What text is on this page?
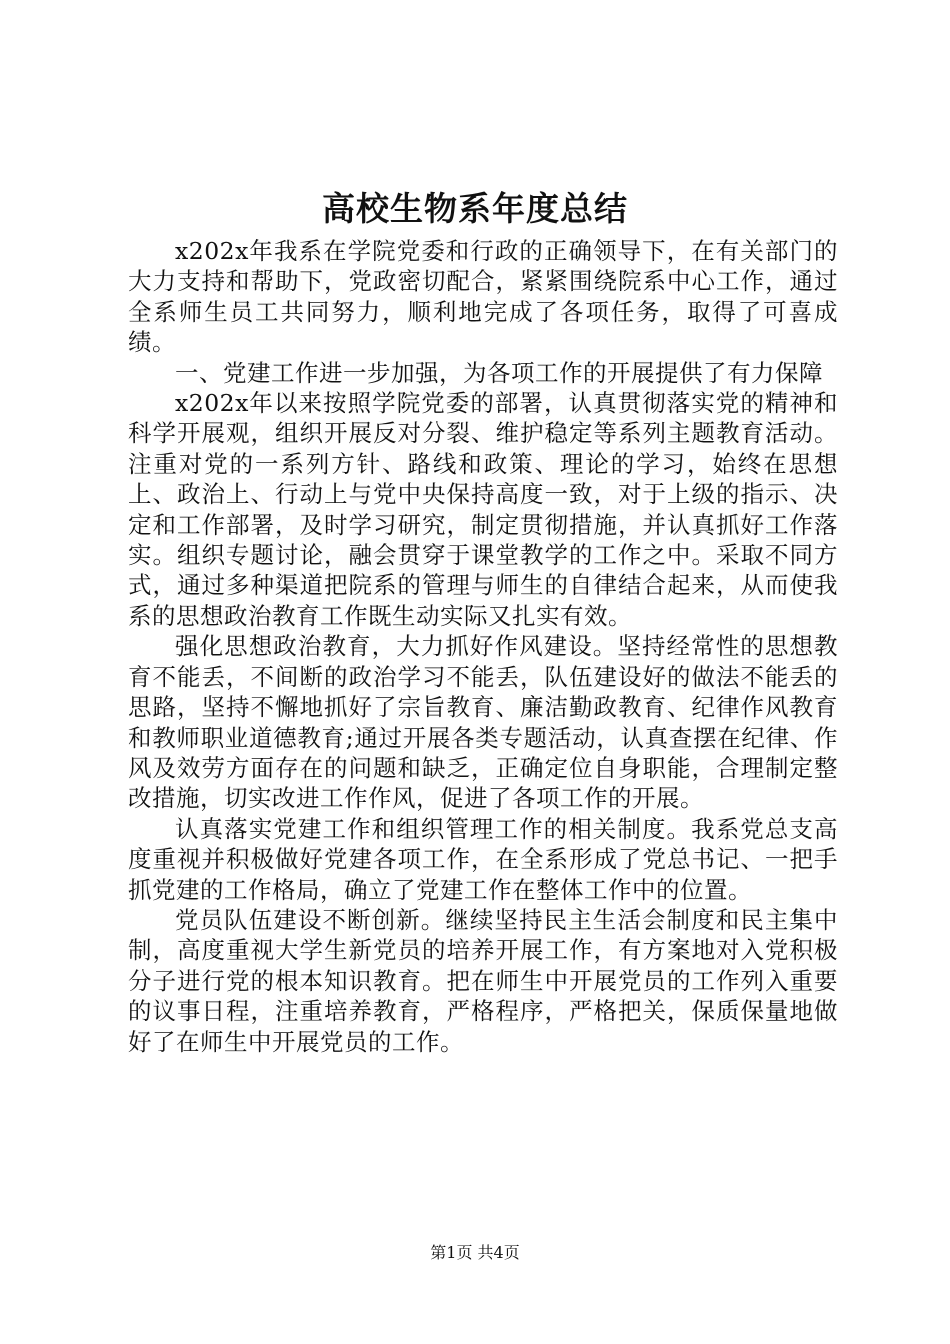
高校生物系年度总结

x202x年我系在学院党委和行政的正确领导下，在有关部门的大力支持和帮助下，党政密切配合，紧紧围绕院系中心工作，通过全系师生员工共同努力，顺利地完成了各项任务，取得了可喜成绩。

一、党建工作进一步加强，为各项工作的开展提供了有力保障

x202x年以来按照学院党委的部署，认真贯彻落实党的精神和科学开展观，组织开展反对分裂、维护稳定等系列主题教育活动。注重对党的一系列方针、路线和政策、理论的学习，始终在思想上、政治上、行动上与党中央保持高度一致，对于上级的指示、决定和工作部署，及时学习研究，制定贯彻措施，并认真抓好工作落实。组织专题讨论，融会贯穿于课堂教学的工作之中。采取不同方式，通过多种渠道把院系的管理与师生的自律结合起来，从而使我系的思想政治教育工作既生动实际又扎实有效。

强化思想政治教育，大力抓好作风建设。坚持经常性的思想教育不能丢，不间断的政治学习不能丢，队伍建设好的做法不能丢的思路，坚持不懈地抓好了宗旨教育、廉洁勤政教育、纪律作风教育和教师职业道德教育;通过开展各类专题活动，认真查摆在纪律、作风及效劳方面存在的问题和缺乏，正确定位自身职能，合理制定整改措施，切实改进工作作风，促进了各项工作的开展。

认真落实党建工作和组织管理工作的相关制度。我系党总支高度重视并积极做好党建各项工作，在全系形成了党总书记、一把手抓党建的工作格局，确立了党建工作在整体工作中的位置。

党员队伍建设不断创新。继续坚持民主生活会制度和民主集中制，高度重视大学生新党员的培养开展工作，有方案地对入党积极分子进行党的根本知识教育。把在师生中开展党员的工作列入重要的议事日程，注重培养教育，严格程序，严格把关，保质保量地做好了在师生中开展党员的工作。

第1页 共4页
